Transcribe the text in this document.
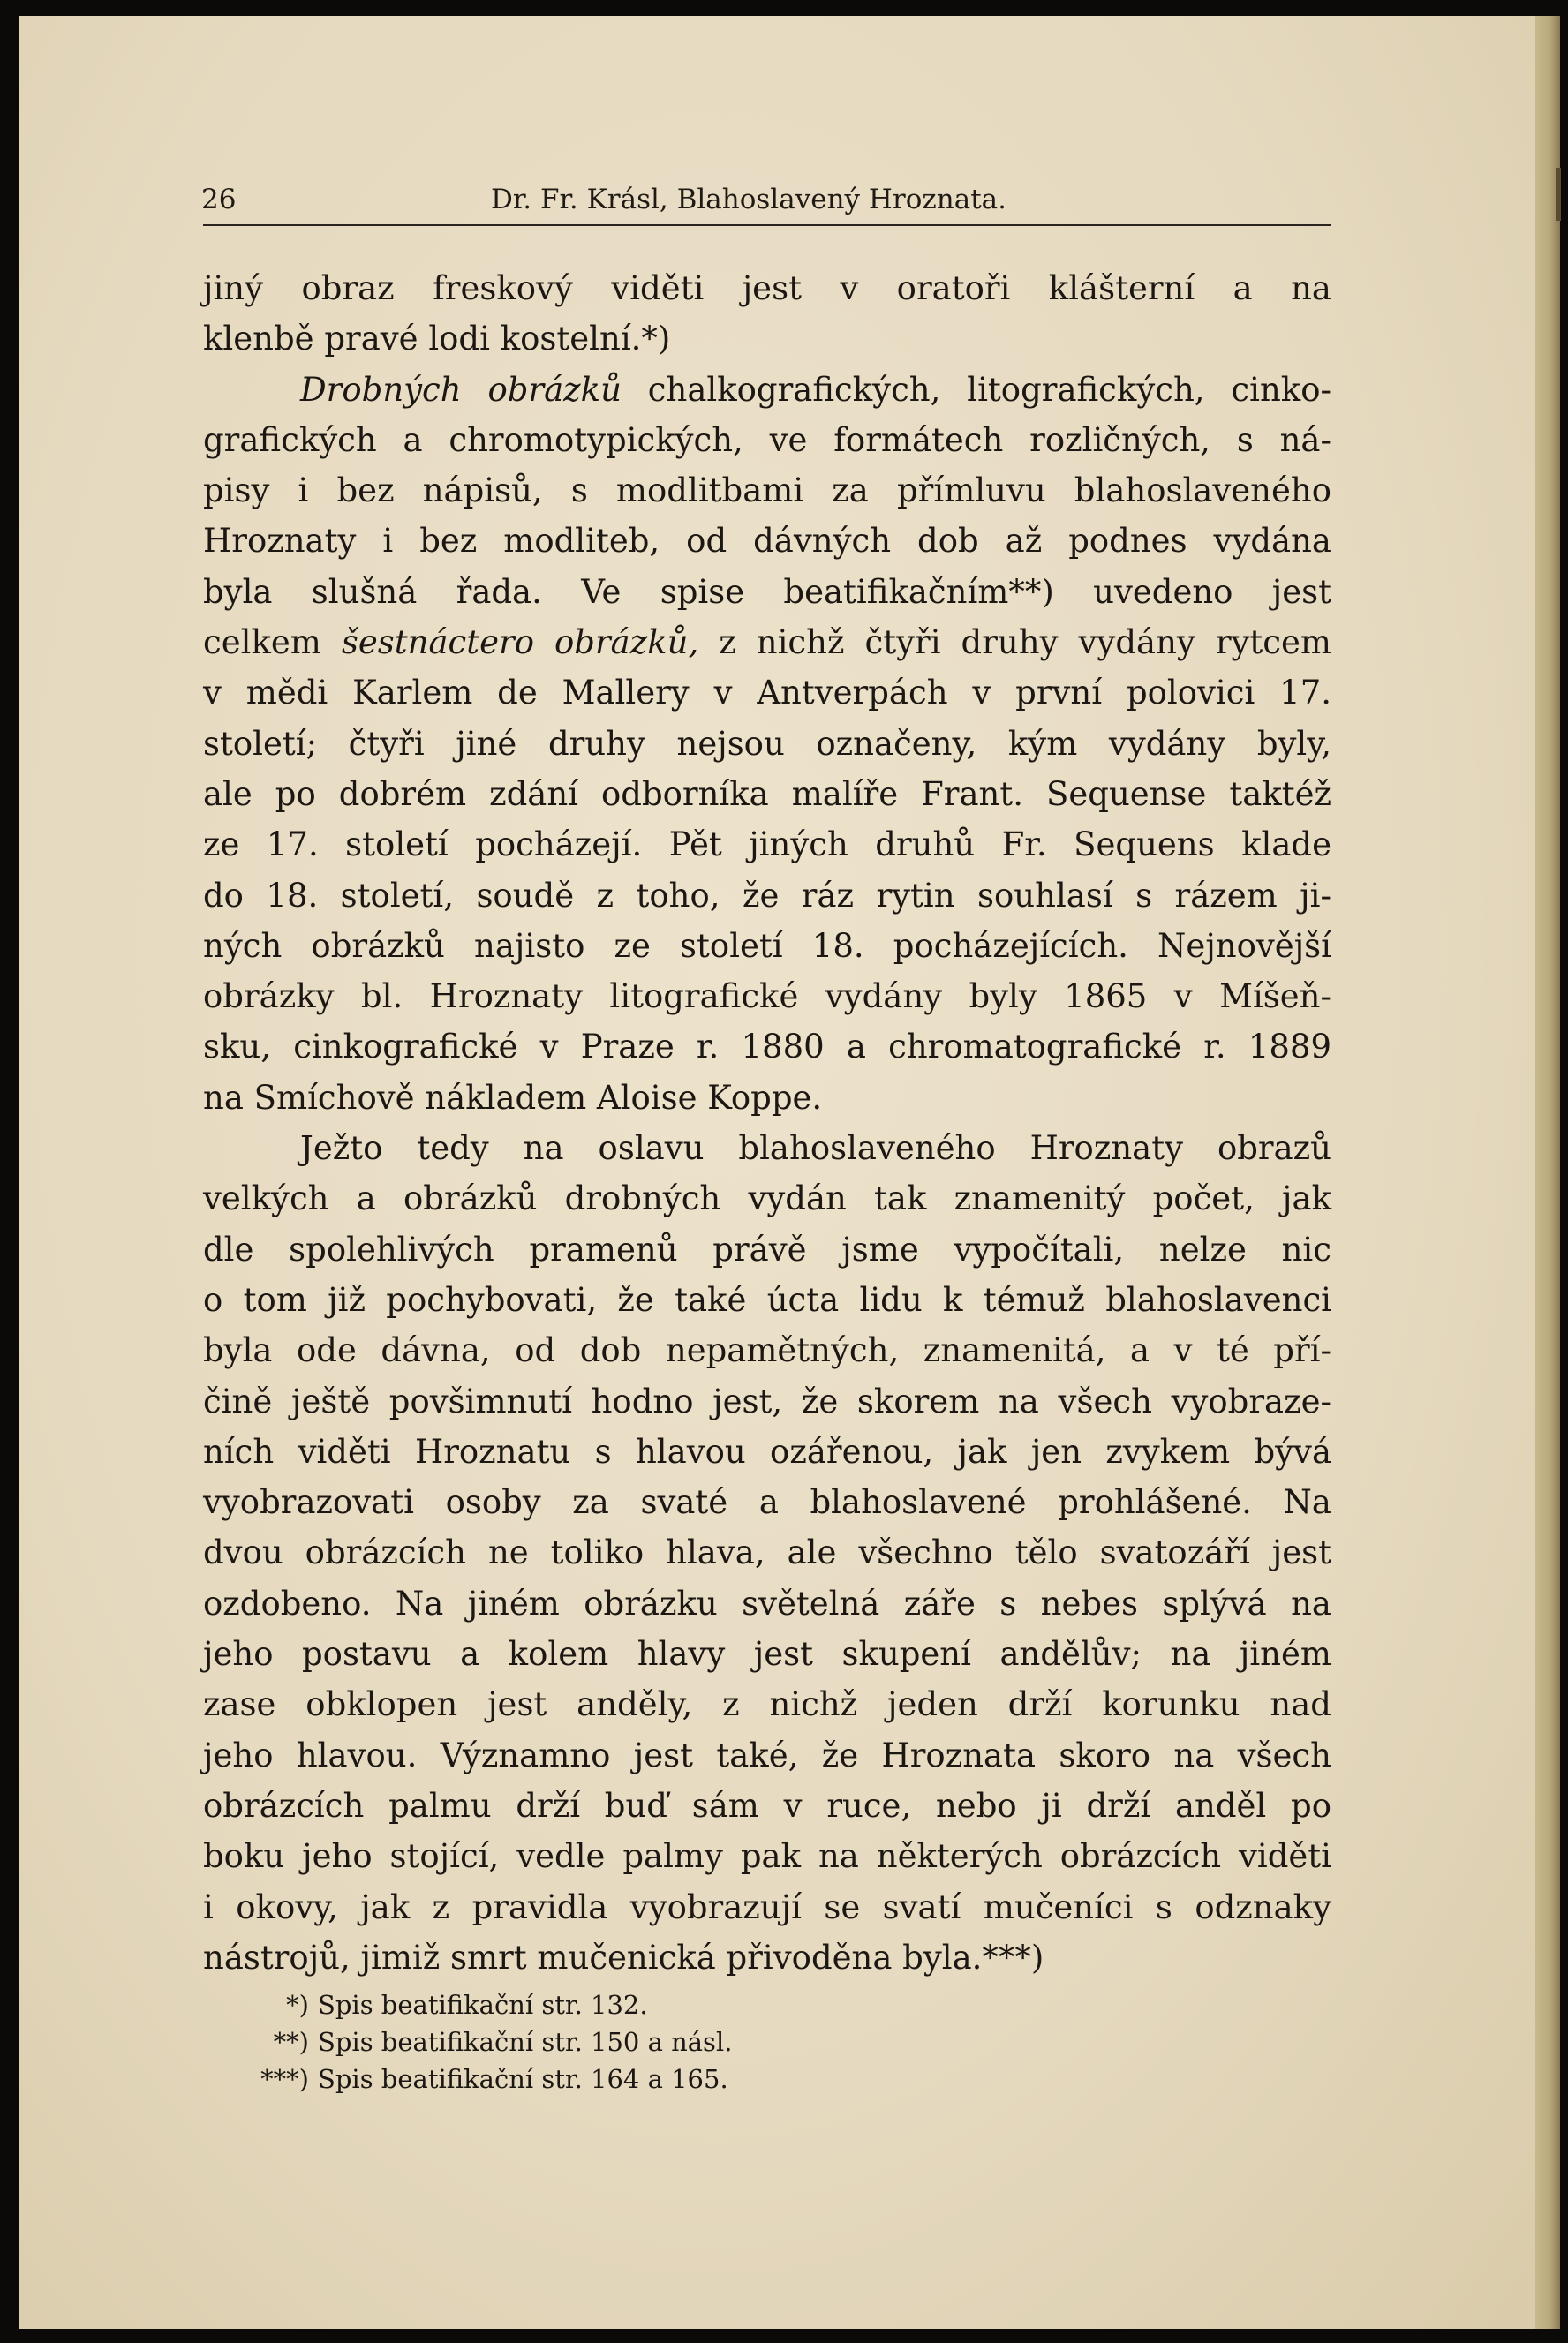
26	Dr. Fr. Krásl, Blahoslavený Hroznata.
jiný obraz freskový viděti jest v oratoři klášterní a na
klenbě pravé lodi kostelní.*)
Drobných obrázků chalkografických, litografických, cinko-
grafických a chromotypických, ve formátech rozličných, s ná-
pisy i bez nápisů, s modlitbami za přímluvu blahoslaveného
Hroznaty i bez modliteb, od dávných dob až podnes vydána
byla slušná řada. Ve spise beatifikačním**) uvedeno jest
celkem šestnáctero obrázků, z nichž čtyři druhy vydány rytcem
v mědi Karlem de Mallery v Antverpách v první polovici 17.
století; čtyři jiné druhy nejsou označeny, kým vydány byly,
ale po dobrém zdání odborníka malíře Frant. Sequense taktéž
ze 17. století pocházejí. Pět jiných druhů Fr. Sequens klade
do 18. století, soudě z toho, že ráz rytin souhlasí s rázem ji-
ných obrázků najisto ze století 18. pocházejících. Nejnovější
obrázky bl. Hroznaty litografické vydány byly 1865 v Míšeň-
sku, cinkografické v Praze r. 1880 a chromatografické r. 1889
na Smíchově nákladem Aloise Koppe.
Ježto tedy na oslavu blahoslaveného Hroznaty obrazů
velkých a obrázků drobných vydán tak znamenitý počet, jak
dle spolehlivých pramenů právě jsme vypočítali, nelze nic
o tom již pochybovati, že také úcta lidu k témuž blahoslavenci
byla ode dávna, od dob nepamětných, znamenitá, a v té pří-
čině ještě povšimnutí hodno jest, že skorem na všech vyobraze-
ních viděti Hroznatu s hlavou ozářenou, jak jen zvykem bývá
vyobrazovati osoby za svaté a blahoslavené prohlášené. Na
dvou obrázcích ne toliko hlava, ale všechno tělo svatozáří jest
ozdobeno. Na jiném obrázku světelná záře s nebes splývá na
jeho postavu a kolem hlavy jest skupení andělův; na jiném
zase obklopen jest anděly, z nichž jeden drží korunku nad
jeho hlavou. Významno jest také, že Hroznata skoro na všech
obrázcích palmu drží buď sám v ruce, nebo ji drží anděl po
boku jeho stojící, vedle palmy pak na některých obrázcích viděti
i okovy, jak z pravidla vyobrazují se svatí mučeníci s odznaky
nástrojů, jimiž smrt mučenická přivoděna byla.***)
*) Spis beatifikační str. 132.
**) Spis beatifikační str. 150 a násl.
***) Spis beatifikační str. 164 a 165.
